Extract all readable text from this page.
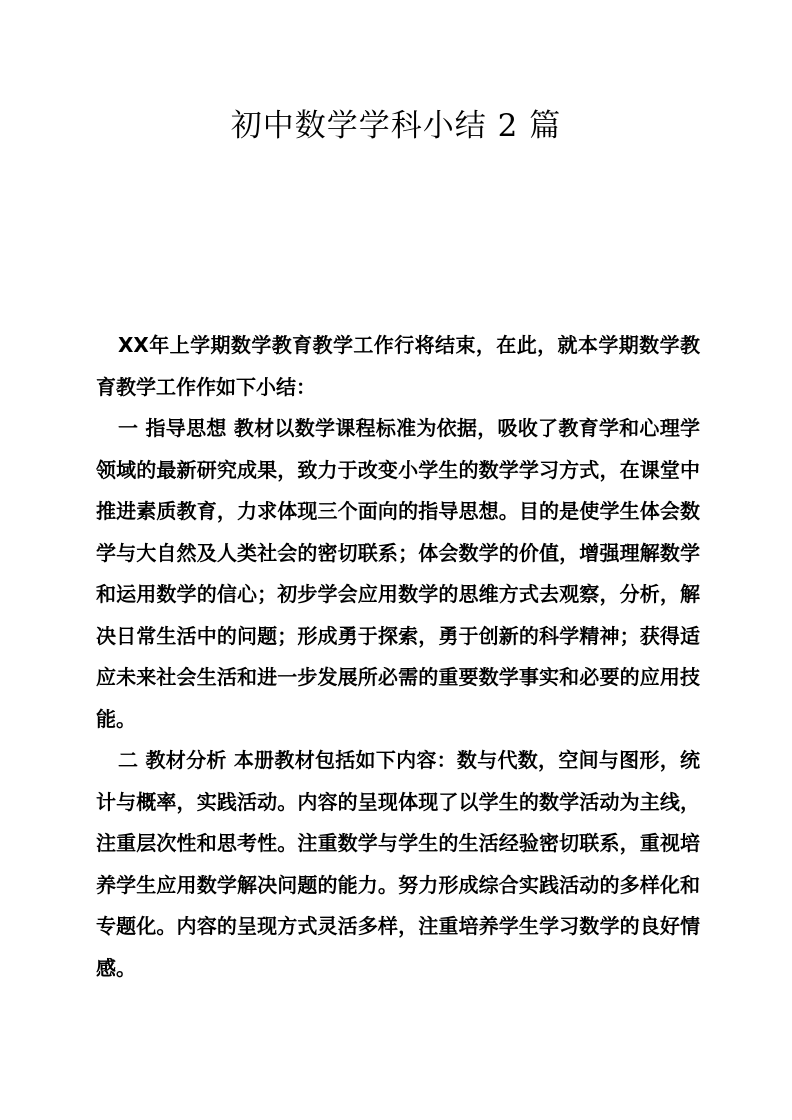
初中数学学科小结 2 篇

XX年上学期数学教育教学工作行将结束，在此，就本学期数学教育教学工作作如下小结：

一 指导思想 教材以数学课程标准为依据，吸收了教育学和心理学领域的最新研究成果，致力于改变小学生的数学学习方式，在课堂中推进素质教育，力求体现三个面向的指导思想。目的是使学生体会数学与大自然及人类社会的密切联系；体会数学的价值，增强理解数学和运用数学的信心；初步学会应用数学的思维方式去观察，分析，解决日常生活中的问题；形成勇于探索，勇于创新的科学精神；获得适应未来社会生活和进一步发展所必需的重要数学事实和必要的应用技能。

二 教材分析 本册教材包括如下内容：数与代数，空间与图形，统计与概率，实践活动。内容的呈现体现了以学生的数学活动为主线，注重层次性和思考性。注重数学与学生的生活经验密切联系，重视培养学生应用数学解决问题的能力。努力形成综合实践活动的多样化和专题化。内容的呈现方式灵活多样，注重培养学生学习数学的良好情感。
